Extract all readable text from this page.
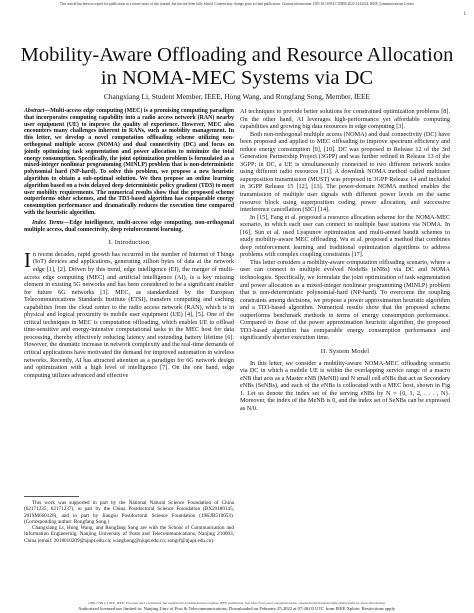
This article has been accepted for publication in a future issue of this journal, but has not been fully edited. Content may change prior to final publication. Citation information: DOI 10.1109/LCOMM.2022.3144334, IEEE Communications Letters
1
Mobility-Aware Offloading and Resource Allocation in NOMA-MEC Systems via DC
Changxiang Li, Student Member, IEEE, Hong Wang, and Rongfang Song, Member, IEEE

Abstract—Multi-access edge computing (MEC) is a promising computing paradigm that incorporates computing capability into a radio access network (RAN) nearby user equipment (UE) to improve the quality of experience. However, MEC also encounters many challenges inherent in RANs, such as mobility management. In this letter, we develop a novel computation offloading scheme utilizing non-orthogonal multiple access (NOMA) and dual connectivity (DC) and focus on jointly optimizing task segmentation and power allocation to minimize the total energy consumption. Specifically, the joint optimization problem is formulated as a mixed-integer nonlinear programming (MINLP) problem that is non-deterministic polynomial hard (NP-hard). To solve this problem, we propose a new heuristic algorithm to obtain a sub-optimal solution. We then propose an online learning algorithm based on a twin delayed deep deterministic policy gradient (TD3) to meet user mobility requirements. The numerical results show that the proposed scheme outperforms other schemes, and the TD3-based algorithm has comparable energy consumption performance and dramatically reduces the execution time compared with the heuristic algorithm.

Index Terms—Edge intelligence, multi-access edge computing, non-orthogonal multiple access, dual connectivity, deep reinforcement learning.

I. Introduction

In recent decades, rapid growth has occurred in the number of Internet of Things (IoT) devices and applications, generating zillion bytes of data at the network edge [1], [2]. Driven by this trend, edge intelligence (EI), the merger of multi-access edge computing (MEC) and artificial intelligence (AI), is a key missing element in existing 5G networks and has been considered to be a significant enabler for future 6G networks [3]. MEC, as standardized by the European Telecommunications Standards Institute (ETSI), transfers computing and caching capabilities from the cloud center to the radio access network (RAN), which is in physical and logical proximity to mobile user equipment (UE) [4], [5]. One of the critical techniques in MEC is computation offloading, which enables UE to offload time-sensitive and energy-intensive computational tasks to the MEC host for data processing, thereby effectively reducing latency and extending battery lifetime [6]. However, the dramatic increase in network complexity and the real-time demands of critical applications have motivated the demand for improved automation in wireless networks. Recently, AI has attracted attention as a paradigm for 6G network design and optimization with a high level of intelligence [7]. On the one hand, edge computing utilizes advanced and effective

This work was supported in part by the National Natural Science Foundation of China (62171235, 62171237), in part by the China Postdoctoral Science Foundation (BX20180145, 2019M660126), and in part by Jiangsu Postdoctoral Science Foundation (19KJB510053). (Corresponding author: Rongfang Song.)

Changxiang Li, Hong Wang, and Rongfang Song are with the School of Communication and Information Engineering, Nanjing University of Posts and Telecommunications, Nanjing 210003, China (email: 2018010209@njupt.edu.cn; wanghong@njupt.edu.cn; songrf@njupt.edu.cn).

AI techniques to provide better solutions for constrained optimization problems [8]. On the other hand, AI leverages high-performance yet affordable computing capabilities and growing big data resources in edge computing [3].

Both non-orthogonal multiple access (NOMA) and dual connectivity (DC) have been proposed and applied to MEC offloading to improve spectrum efficiency and reduce energy consumption [9], [10]. DC was proposed in Release 12 of the 3rd Generation Partnership Project (3GPP) and was further refined in Release 13 of the 3GPP; in DC, a UE is simultaneously connected to two different network nodes using different radio resources [11]. A downlink NOMA method called multiuser superposition transmission (MUST) was proposed in 3GPP Release 14 and included in 3GPP Release 15 [12], [13]. The power-domain NOMA method enables the transmission of multiple user signals with different power levels on the same resource block using superposition coding, power allocation, and successive interference cancellation (SIC) [14].

In [15], Fang et al. proposed a resource allocation scheme for the NOMA-MEC scenario, in which each user can connect to multiple base stations via NOMA. In [16], Sun et al. used Lyapunov optimization and multi-armed bandit schemes to study mobility-aware MEC offloading. Wu et al. proposed a method that combines deep reinforcement learning and traditional optimization algorithms to address problems with complex coupling constraints [17].

This letter considers a mobility-aware computation offloading scenario, where a user can connect to multiple evolved NodeBs (eNBs) via DC and NOMA technologies. Specifically, we formulate the joint optimization of task segmentation and power allocation as a mixed-integer nonlinear programming (MINLP) problem that is non-deterministic polynomial-hard (NP-hard). To overcome the coupling constraints among decisions, we propose a power approximation heuristic algorithm and a TD3-based algorithm. Numerical results show that the proposed scheme outperforms benchmark methods in terms of energy consumption performance. Compared to those of the power approximation heuristic algorithm, the proposed TD3-based algorithm has comparable energy consumption performance and significantly shorter execution time.

II. System Model

In this letter, we consider a mobility-aware NOMA-MEC offloading scenario via DC in which a mobile UE is within the overlapping service range of a macro eNB that acts as a Master eNB (MeNB) and N small cell eNBs that act as Secondary eNBs (SeNBs), and each of the eNBs is collocated with a MEC host, shown in Fig 1. Let us denote the index set of the serving eNBs by N = {0, 1, 2, . . . , N}. Moreover, the index of the MeNB is 0, and the index set of SeNBs can be expressed as N/0.

1089-7798 (c) 2021 IEEE. Personal use is permitted, but republication/redistribution requires IEEE permission. See http://www.ieee.org/publications_standards/publications/rights/index.html for more information.
Authorized licensed use limited to: Nanjing Univ of Post & Telecommunications. Downloaded on February 25,2022 at 07:40:03 UTC from IEEE Xplore. Restrictions apply.
